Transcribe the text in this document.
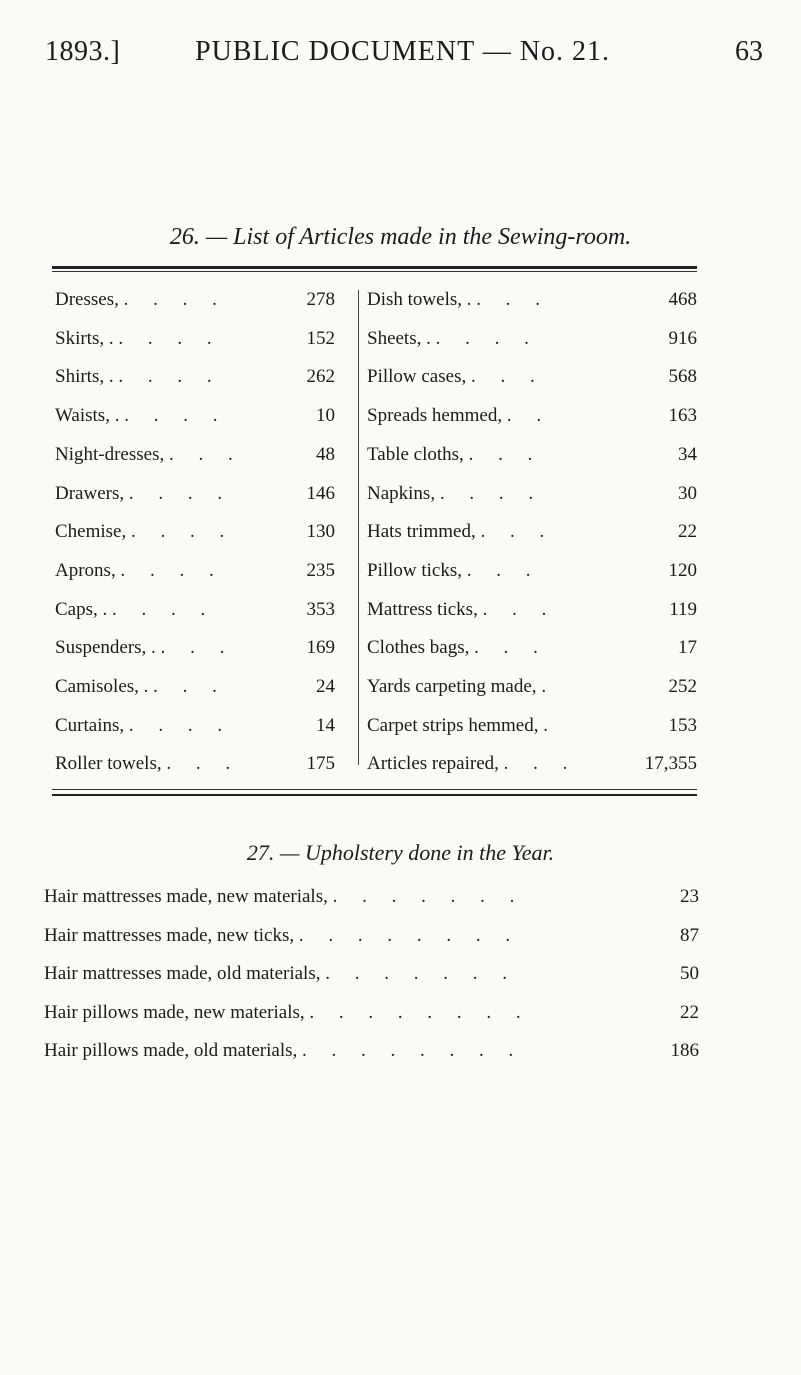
1893.]	PUBLIC DOCUMENT — No. 21.	63
26. — List of Articles made in the Sewing-room.
Dresses, . . . .	278 Dish towels, . . . .	468
Skirts, . . . . .	152 Sheets, . . . . .	916
Shirts, . . . . .	262 Pillow cases, . . .	568
Waists, . . . . .	10 Spreads hemmed, . .	163
Night-dresses, . . .	48 Table cloths, . . .	34
Drawers, . . . .	146 Napkins, . . . .	30
Chemise, . . . .	130 Hats trimmed, . . .	22
Aprons, . . . .	235 Pillow ticks, . . .	120
Caps, . . . . .	353 Mattress ticks, . . .	119
Suspenders, . . . .	169 Clothes bags, . . .	17
Camisoles, . . . .	24 Yards carpeting made, .	252
Curtains, . . . .	14 Carpet strips hemmed, .	153
Roller towels, . . .	175 Articles repaired, . . .	17,355
27. — Upholstery done in the Year.
Hair mattresses made, new materials, . . . . . . .	23
Hair mattresses made, new ticks, . . . . . . . .	87
Hair mattresses made, old materials, . . . . . . .	50
Hair pillows made, new materials, . . . . . . . .	22
Hair pillows made, old materials, . . . . . . . .	186
